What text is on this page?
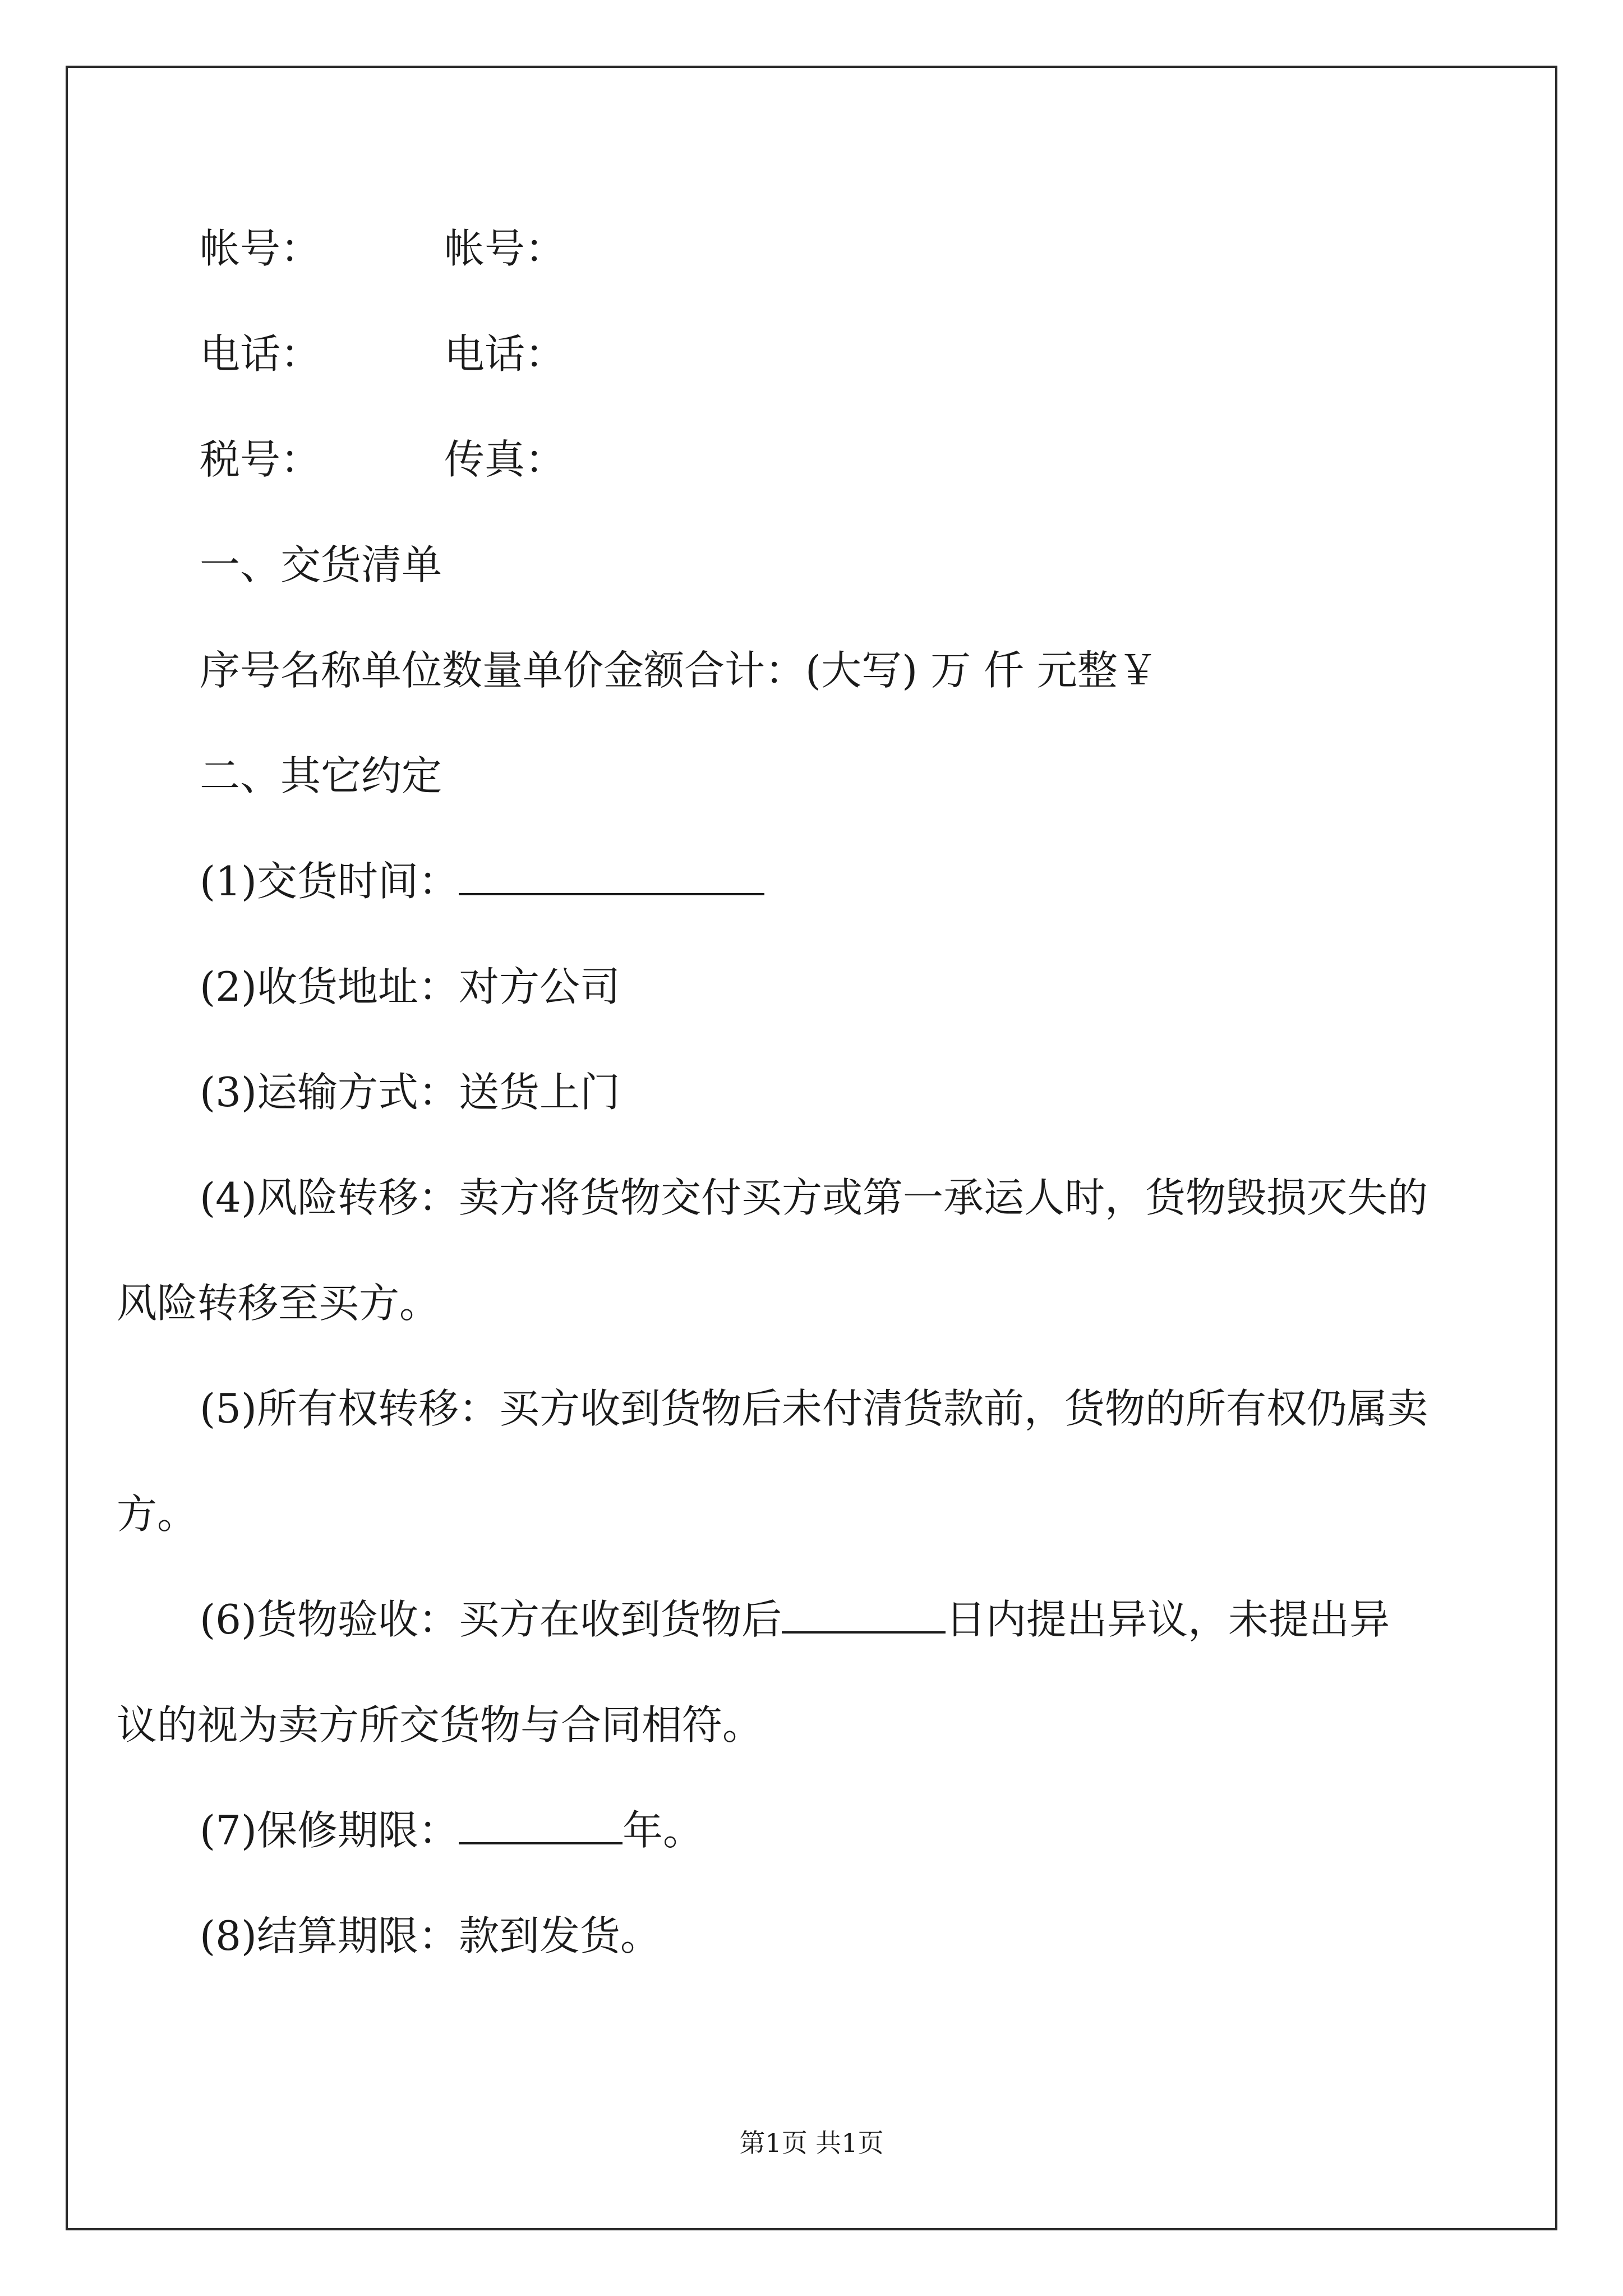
帐号：	帐号：
电话：	电话：
税号：	传真：

一、交货清单

序号名称单位数量单价金额合计：(大写) 万 仟 元整￥

二、其它约定

(1)交货时间：

(2)收货地址：对方公司

(3)运输方式：送货上门

(4)风险转移：卖方将货物交付买方或第一承运人时，货物毁损灭失的风险转移至买方。

(5)所有权转移：买方收到货物后未付清货款前，货物的所有权仍属卖方。

(6)货物验收：买方在收到货物后	日内提出异议，未提出异议的视为卖方所交货物与合同相符。

(7)保修期限：	年。

(8)结算期限：款到发货。

第1页 共1页
